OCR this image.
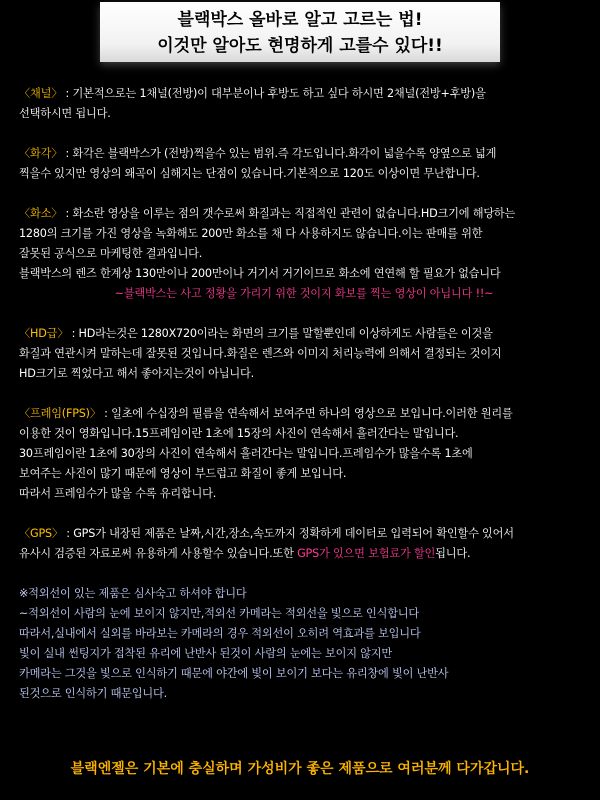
블랙박스 올바로 알고 고르는 법!
이것만 알아도 현명하게 고를수 있다!!
〈채널〉 : 기본적으로는 1채널(전방)이 대부분이나 후방도 하고 싶다 하시면 2채널(전방+후방)을
선택하시면 됩니다.
〈화각〉 : 화각은 블랙박스가 (전방)찍을수 있는 범위.즉 각도입니다.화각이 넓을수록 양옆으로 넓게
찍을수 있지만 영상의 왜곡이 심해지는 단점이 있습니다.기본적으로 120도 이상이면 무난합니다.
〈화소〉 : 화소란 영상을 이루는 점의 갯수로써 화질과는 직접적인 관련이 없습니다.HD크기에 해당하는
1280의 크기를 가진 영상을 녹화해도 200만 화소를 채 다 사용하지도 않습니다.이는 판매를 위한
잘못된 공식으로 마케팅한 결과입니다.
블랙박스의 렌즈 한계상 130만이나 200만이나 거기서 거기이므로 화소에 연연해 할 필요가 없습니다
~블랙박스는 사고 정황을 가리기 위한 것이지 화보를 찍는 영상이 아닙니다 !!~
〈HD급〉 : HD라는것은 1280X720이라는 화면의 크기를 말할뿐인데 이상하게도 사람들은 이것을
화질과 연관시켜 말하는데 잘못된 것입니다.화질은 렌즈와 이미지 처리능력에 의해서 결정되는 것이지
HD크기로 찍었다고 해서 좋아지는것이 아닙니다.
〈프레임(FPS)〉 : 일초에 수십장의 필름을 연속해서 보여주면 하나의 영상으로 보입니다.이러한 원리를
이용한 것이 영화입니다.15프레임이란 1초에 15장의 사진이 연속해서 흘러간다는 말입니다.
30프레임이란 1초에 30장의 사진이 연속해서 흘러간다는 말입니다.프레임수가 많을수록 1초에
보여주는 사진이 많기 때문에 영상이 부드럽고 화질이 좋게 보입니다.
따라서 프레임수가 많을 수록 유리합니다.
〈GPS〉 : GPS가 내장된 제품은 날짜,시간,장소,속도까지 정확하게 데이터로 입력되어 확인할수 있어서
유사시 검증된 자료로써 유용하게 사용할수 있습니다.또한 GPS가 있으면 보험료가 할인됩니다.
※적외선이 있는 제품은 심사숙고 하셔야 합니다
~적외선이 사람의 눈에 보이지 않지만,적외선 카메라는 적외선을 빛으로 인식합니다
따라서,실내에서 실외를 바라보는 카메라의 경우 적외선이 오히려 역효과를 보입니다
빛이 실내 썬팅지가 접착된 유리에 난반사 된것이 사람의 눈에는 보이지 않지만
카메라는 그것을 빛으로 인식하기 때문에 야간에 빛이 보이기 보다는 유리창에 빛이 난반사
된것으로 인식하기 때문입니다.
블랙엔젤은 기본에 충실하며 가성비가 좋은 제품으로 여러분께 다가갑니다.
